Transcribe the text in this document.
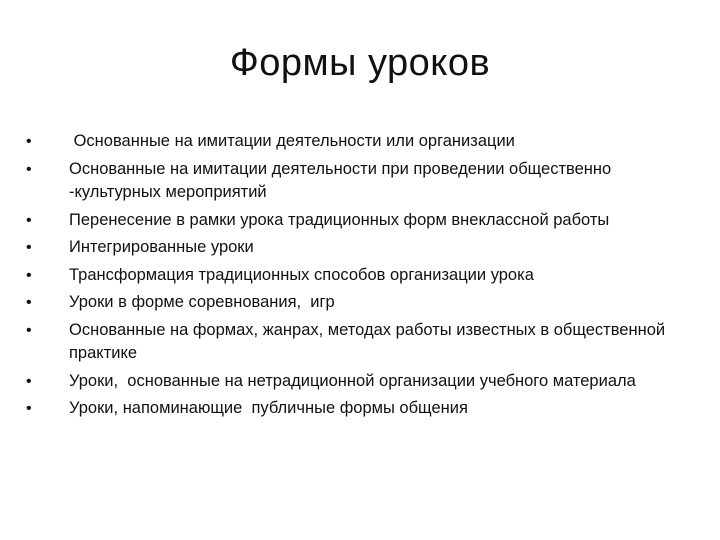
Формы уроков
•	Основанные на имитации деятельности или организации
•	Основанные на имитации деятельности при проведении общественно -культурных мероприятий
•	Перенесение в рамки урока традиционных форм внеклассной работы
•	Интегрированные уроки
•	Трансформация традиционных способов организации урока
•	Уроки в форме соревнования,  игр
•	Основанные на формах, жанрах, методах работы известных в общественной практике
•	Уроки,  основанные на нетрадиционной организации учебного материала
•	Уроки, напоминающие  публичные формы общения
